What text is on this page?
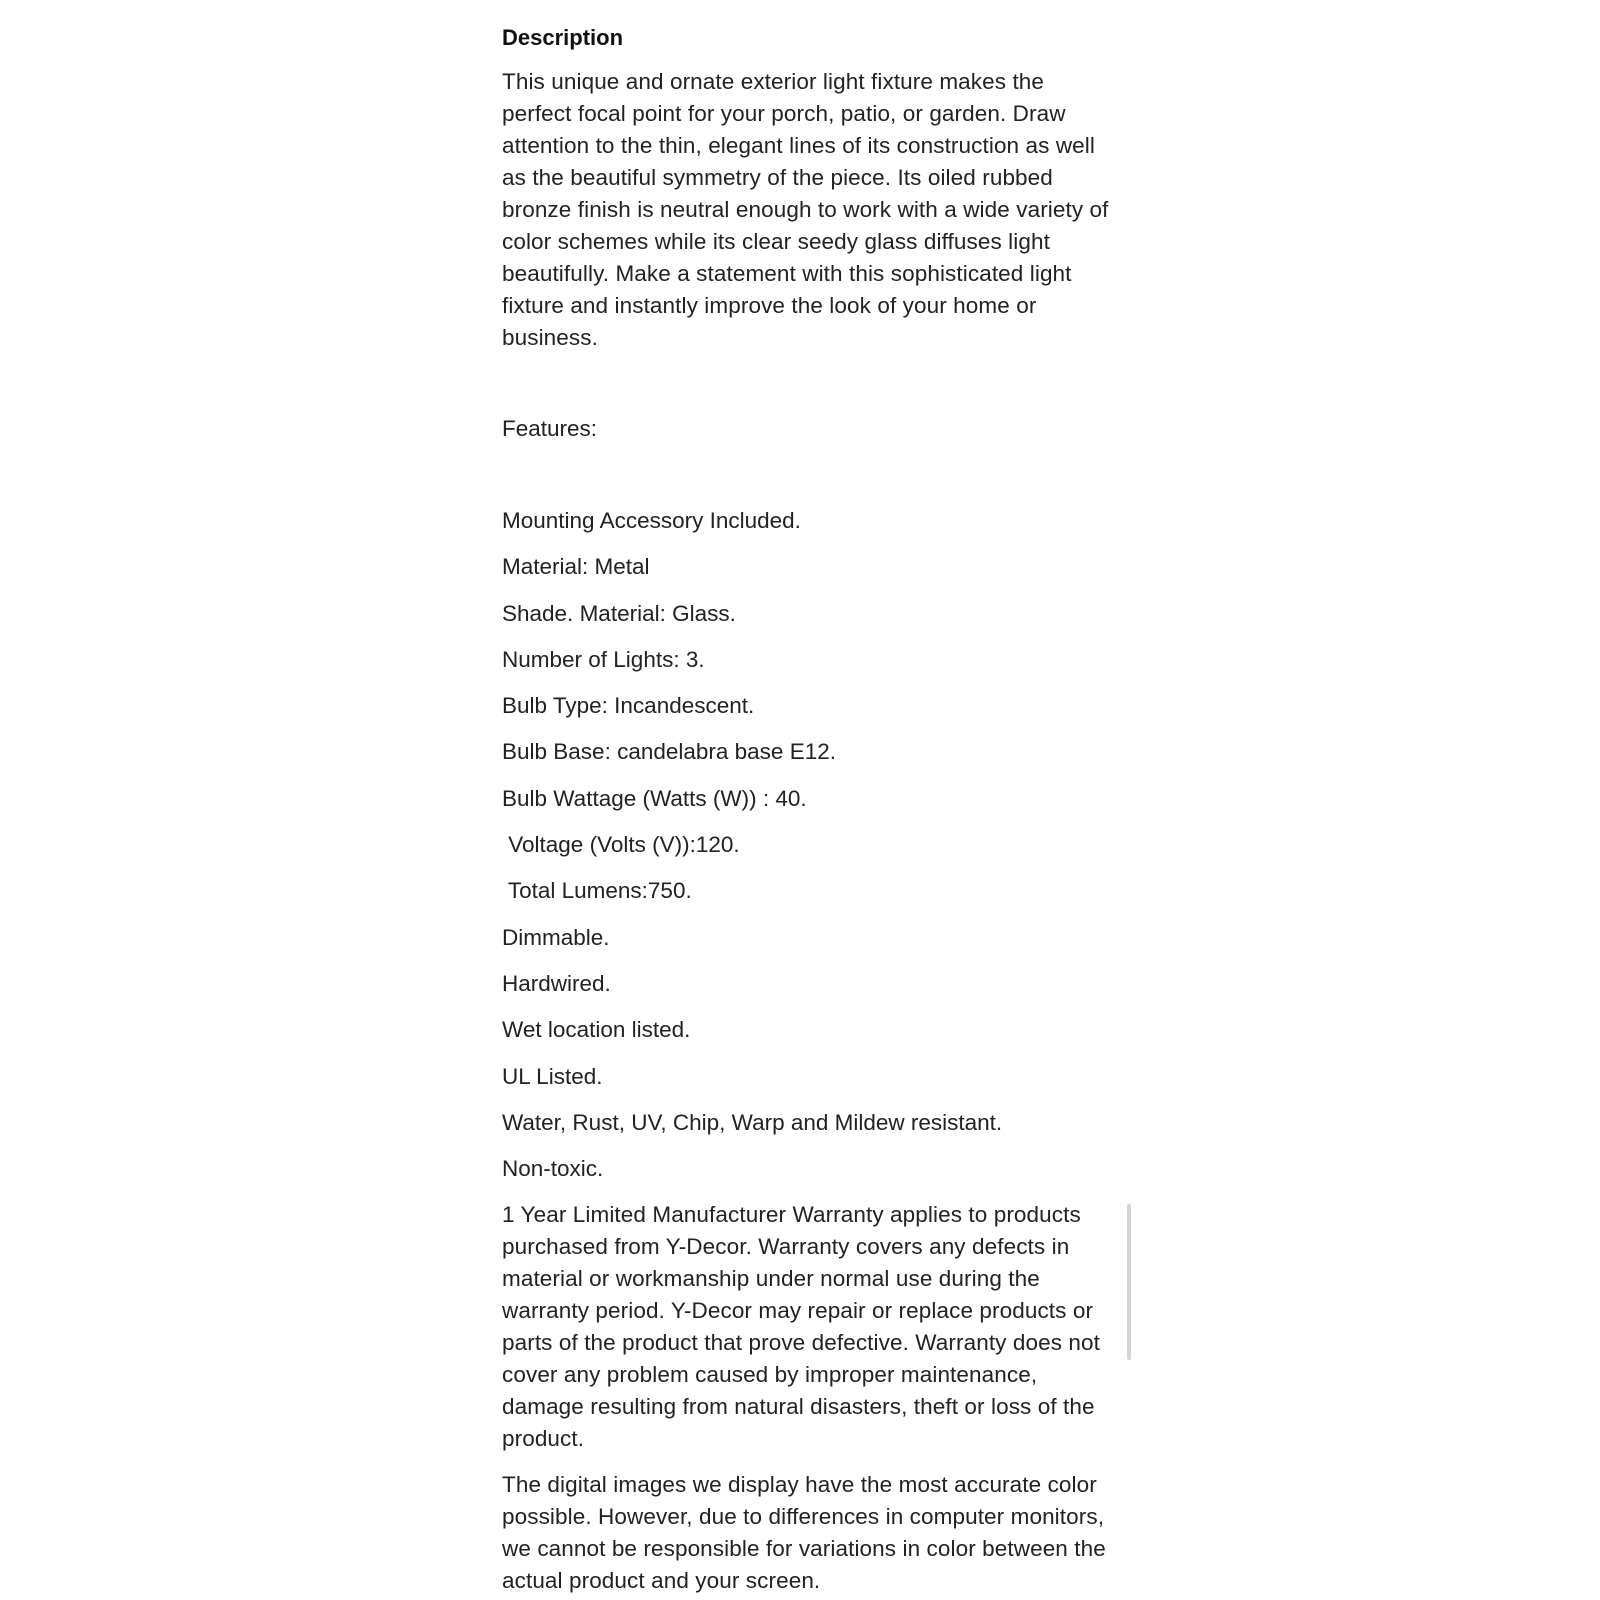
Description

This unique and ornate exterior light fixture makes the perfect focal point for your porch, patio, or garden. Draw attention to the thin, elegant lines of its construction as well as the beautiful symmetry of the piece. Its oiled rubbed bronze finish is neutral enough to work with a wide variety of color schemes while its clear seedy glass diffuses light beautifully. Make a statement with this sophisticated light fixture and instantly improve the look of your home or business.

Features:

Mounting Accessory Included.
Material: Metal
Shade. Material: Glass.
Number of Lights: 3.
Bulb Type: Incandescent.
Bulb Base: candelabra base E12.
Bulb Wattage (Watts (W)) : 40.
Voltage (Volts (V)):120.
Total Lumens:750.
Dimmable.
Hardwired.
Wet location listed.
UL Listed.
Water, Rust, UV, Chip, Warp and Mildew resistant.
Non-toxic.

1 Year Limited Manufacturer Warranty applies to products purchased from Y-Decor. Warranty covers any defects in material or workmanship under normal use during the warranty period. Y-Decor may repair or replace products or parts of the product that prove defective. Warranty does not cover any problem caused by improper maintenance, damage resulting from natural disasters, theft or loss of the product.

The digital images we display have the most accurate color possible. However, due to differences in computer monitors, we cannot be responsible for variations in color between the actual product and your screen.
